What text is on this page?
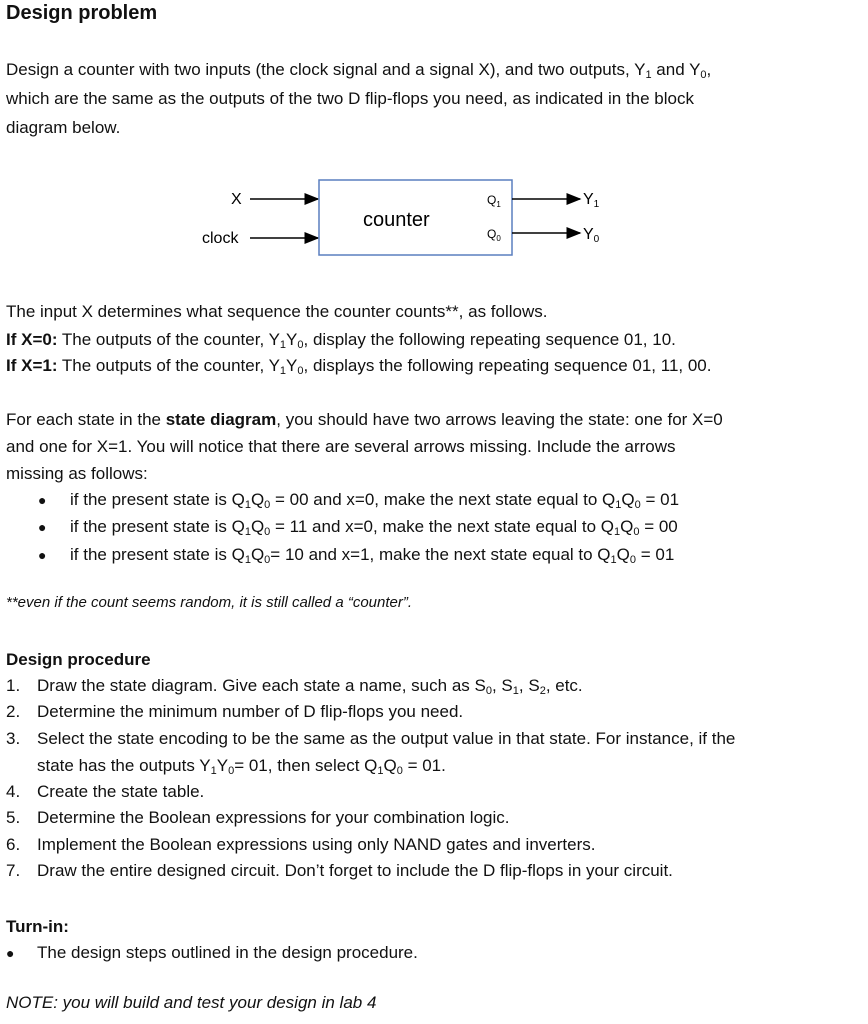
Design problem
Design a counter with two inputs (the clock signal and a signal X), and two outputs, $Y_1$ and $Y_0$,
which are the same as the outputs of the two D flip-flops you need, as indicated in the block
diagram below.
X
clock
counter
$Q_1$
$Q_0$
Y1
Y0
The input X determines what sequence the counter counts**, as follows.
If X=0: The outputs of the counter, $Y_1Y_0$, display the following repeating sequence 01, 10.
If X=1: The outputs of the counter, $Y_1Y_0$, displays the following repeating sequence 01, 11, 00.
For each state in the state diagram, you should have two arrows leaving the state: one for X=0
and one for X=1. You will notice that there are several arrows missing. Include the arrows
missing as follows:
● if the present state is $Q_1Q_0 = 00$ and x=0, make the next state equal to $Q_1Q_0 = 01$
● if the present state is $Q_1Q_0 = 11$ and x=0, make the next state equal to $Q_1Q_0 = 00$
● if the present state is $Q_1Q_0= 10$ and x=1, make the next state equal to $Q_1Q_0 = 01$
**even if the count seems random, it is still called a “counter”.
Design procedure
1. Draw the state diagram. Give each state a name, such as $S_0$, $S_1$, $S_2$, etc.
2. Determine the minimum number of D flip-flops you need.
3. Select the state encoding to be the same as the output value in that state. For instance, if the
state has the outputs $Y_1Y_0= 01$, then select $Q_1Q_0 = 01$.
4. Create the state table.
5. Determine the Boolean expressions for your combination logic.
6. Implement the Boolean expressions using only NAND gates and inverters.
7. Draw the entire designed circuit. Don’t forget to include the D flip-flops in your circuit.
Turn-in:
● The design steps outlined in the design procedure.
NOTE: you will build and test your design in lab 4
